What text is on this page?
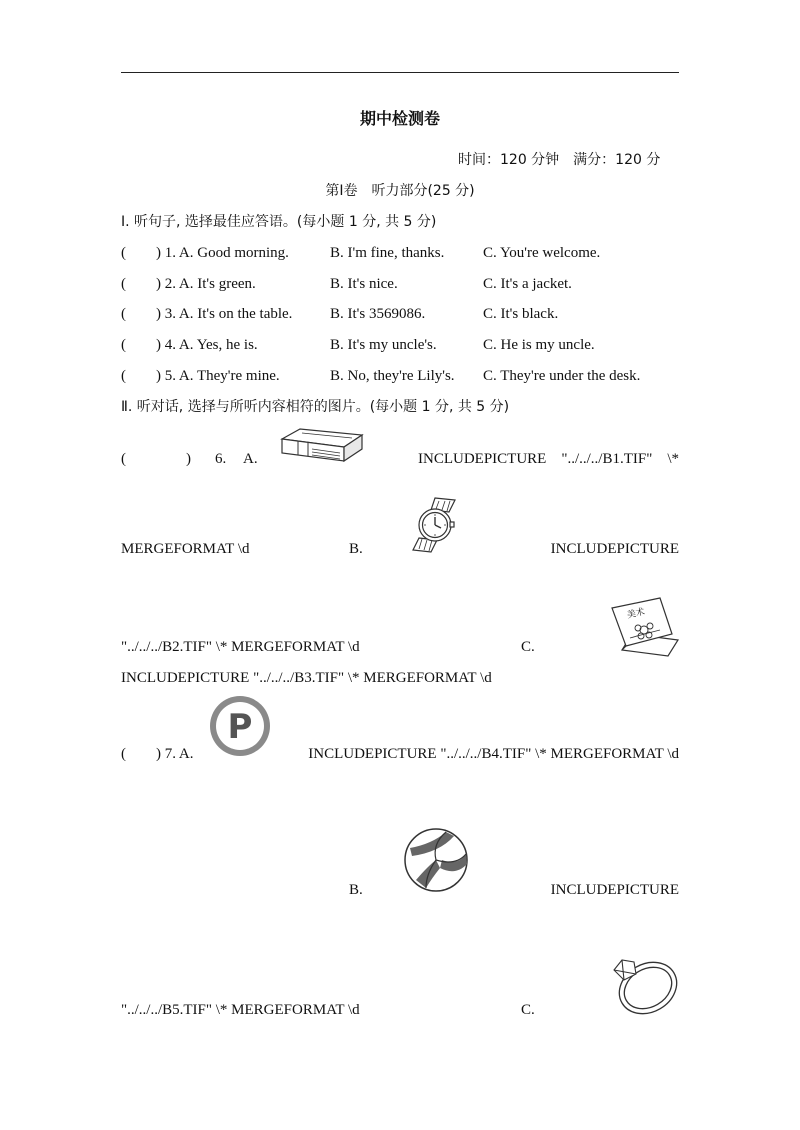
期中检测卷
时间：120 分钟　满分：120 分
第Ⅰ卷　听力部分(25 分)
Ⅰ. 听句子, 选择最佳应答语。(每小题 1 分, 共 5 分)
(　　) 1. A. Good morning.	B. I'm fine, thanks.	C. You're welcome.
(　　) 2. A. It's green.	B. It's nice.	C. It's a jacket.
(　　) 3. A. It's on the table.	B. It's 3569086.	C. It's black.
(　　) 4. A. Yes, he is.	B. It's my uncle's.	C. He is my uncle.
(　　) 5. A. They're mine.	B. No, they're Lily's. C. They're under the desk.
Ⅱ. 听对话, 选择与所听内容相符的图片。(每小题 1 分, 共 5 分)
(　　　　) 6. A.	INCLUDEPICTURE　"../../../B1.TIF"　\*
MERGEFORMAT \d	B.	INCLUDEPICTURE
"../../../B2.TIF" \* MERGEFORMAT \d	C.
美术
INCLUDEPICTURE "../../../B3.TIF" \* MERGEFORMAT \d
(　　) 7. A.
P
INCLUDEPICTURE "../../../B4.TIF" \* MERGEFORMAT \d
B.	INCLUDEPICTURE
"../../../B5.TIF" \* MERGEFORMAT \d	C.
